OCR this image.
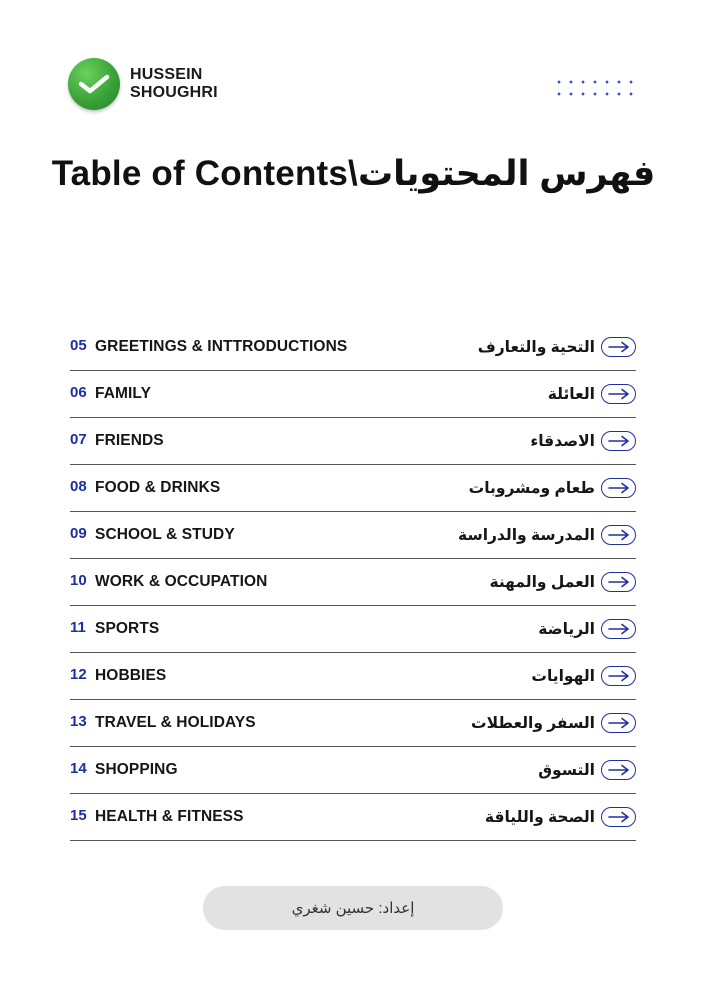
HUSSEIN
SHOUGHRI
Table of Contents\فهرس المحتويات
05 GREETINGS & INTTRODUCTIONS	التحية والتعارف
06 FAMILY	العائلة
07 FRIENDS	الاصدقاء
08 FOOD & DRINKS	طعام ومشروبات
09 SCHOOL & STUDY	المدرسة والدراسة
10 WORK & OCCUPATION	العمل والمهنة
11 SPORTS	الرياضة
12 HOBBIES	الهوايات
13 TRAVEL & HOLIDAYS	السفر والعطلات
14 SHOPPING	التسوق
15 HEALTH & FITNESS	الصحة واللياقة
إعداد: حسين شغري
